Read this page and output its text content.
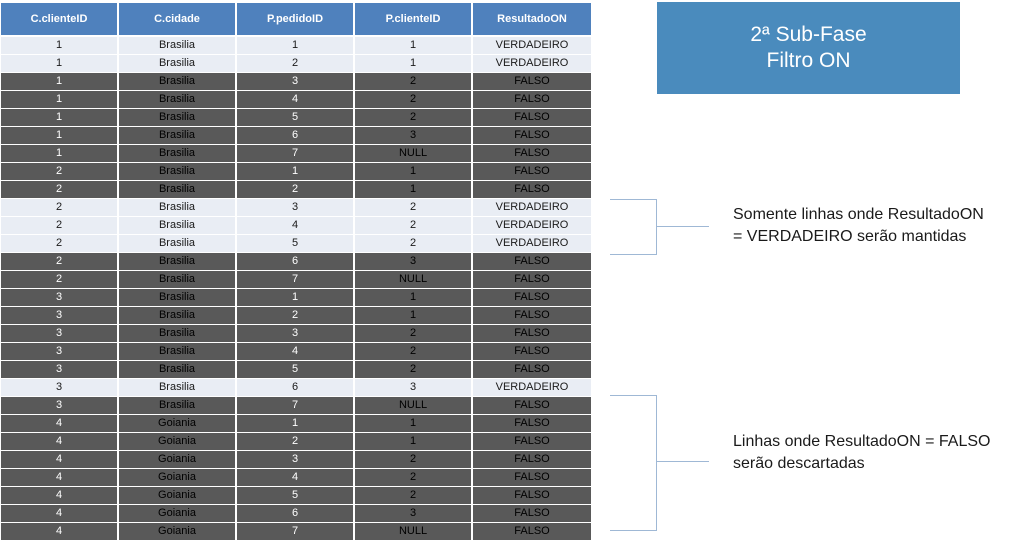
C.clienteID	C.cidade	P.pedidoID	P.clienteID	ResultadoON
1	Brasilia	1	1	VERDADEIRO
1	Brasilia	2	1	VERDADEIRO
1	Brasilia	3	2	FALSO
1	Brasilia	4	2	FALSO
1	Brasilia	5	2	FALSO
1	Brasilia	6	3	FALSO
1	Brasilia	7	NULL	FALSO
2	Brasilia	1	1	FALSO
2	Brasilia	2	1	FALSO
2	Brasilia	3	2	VERDADEIRO
2	Brasilia	4	2	VERDADEIRO
2	Brasilia	5	2	VERDADEIRO
2	Brasilia	6	3	FALSO
2	Brasilia	7	NULL	FALSO
3	Brasilia	1	1	FALSO
3	Brasilia	2	1	FALSO
3	Brasilia	3	2	FALSO
3	Brasilia	4	2	FALSO
3	Brasilia	5	2	FALSO
3	Brasilia	6	3	VERDADEIRO
3	Brasilia	7	NULL	FALSO
4	Goiania	1	1	FALSO
4	Goiania	2	1	FALSO
4	Goiania	3	2	FALSO
4	Goiania	4	2	FALSO
4	Goiania	5	2	FALSO
4	Goiania	6	3	FALSO
4	Goiania	7	NULL	FALSO
2ª Sub-Fase
Filtro ON
Somente linhas onde ResultadoON
= VERDADEIRO serão mantidas
Linhas onde ResultadoON = FALSO
serão descartadas
